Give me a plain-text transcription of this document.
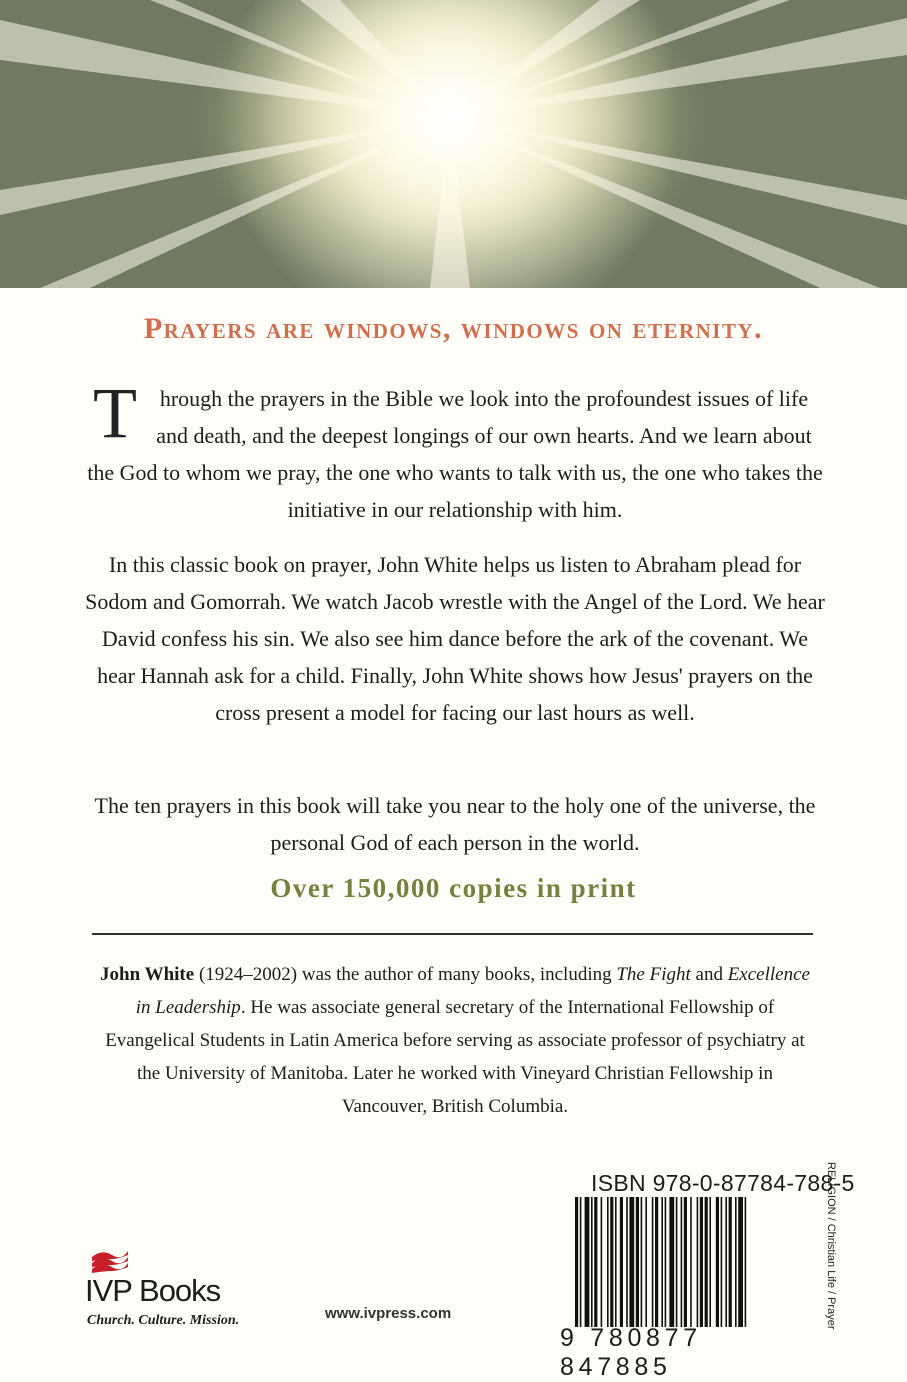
Prayers are windows, windows on eternity.
T hrough the prayers in the Bible we look into the profoundest issues of life and death, and the deepest longings of our own hearts. And we learn about the God to whom we pray, the one who wants to talk with us, the one who takes the initiative in our relationship with him.
In this classic book on prayer, John White helps us listen to Abraham plead for Sodom and Gomorrah. We watch Jacob wrestle with the Angel of the Lord. We hear David confess his sin. We also see him dance before the ark of the covenant. We hear Hannah ask for a child. Finally, John White shows how Jesus' prayers on the cross present a model for facing our last hours as well.
The ten prayers in this book will take you near to the holy one of the universe, the personal God of each person in the world.
Over 150,000 copies in print
John White (1924–2002) was the author of many books, including The Fight and Excellence in Leadership. He was associate general secretary of the International Fellowship of Evangelical Students in Latin America before serving as associate professor of psychiatry at the University of Manitoba. Later he worked with Vineyard Christian Fellowship in Vancouver, British Columbia.
ISBN 978-0-87784-788-5
9 780877 847885
RELIGION / Christian Life / Prayer
IVP Books
Church. Culture. Mission.	www.ivpress.com
